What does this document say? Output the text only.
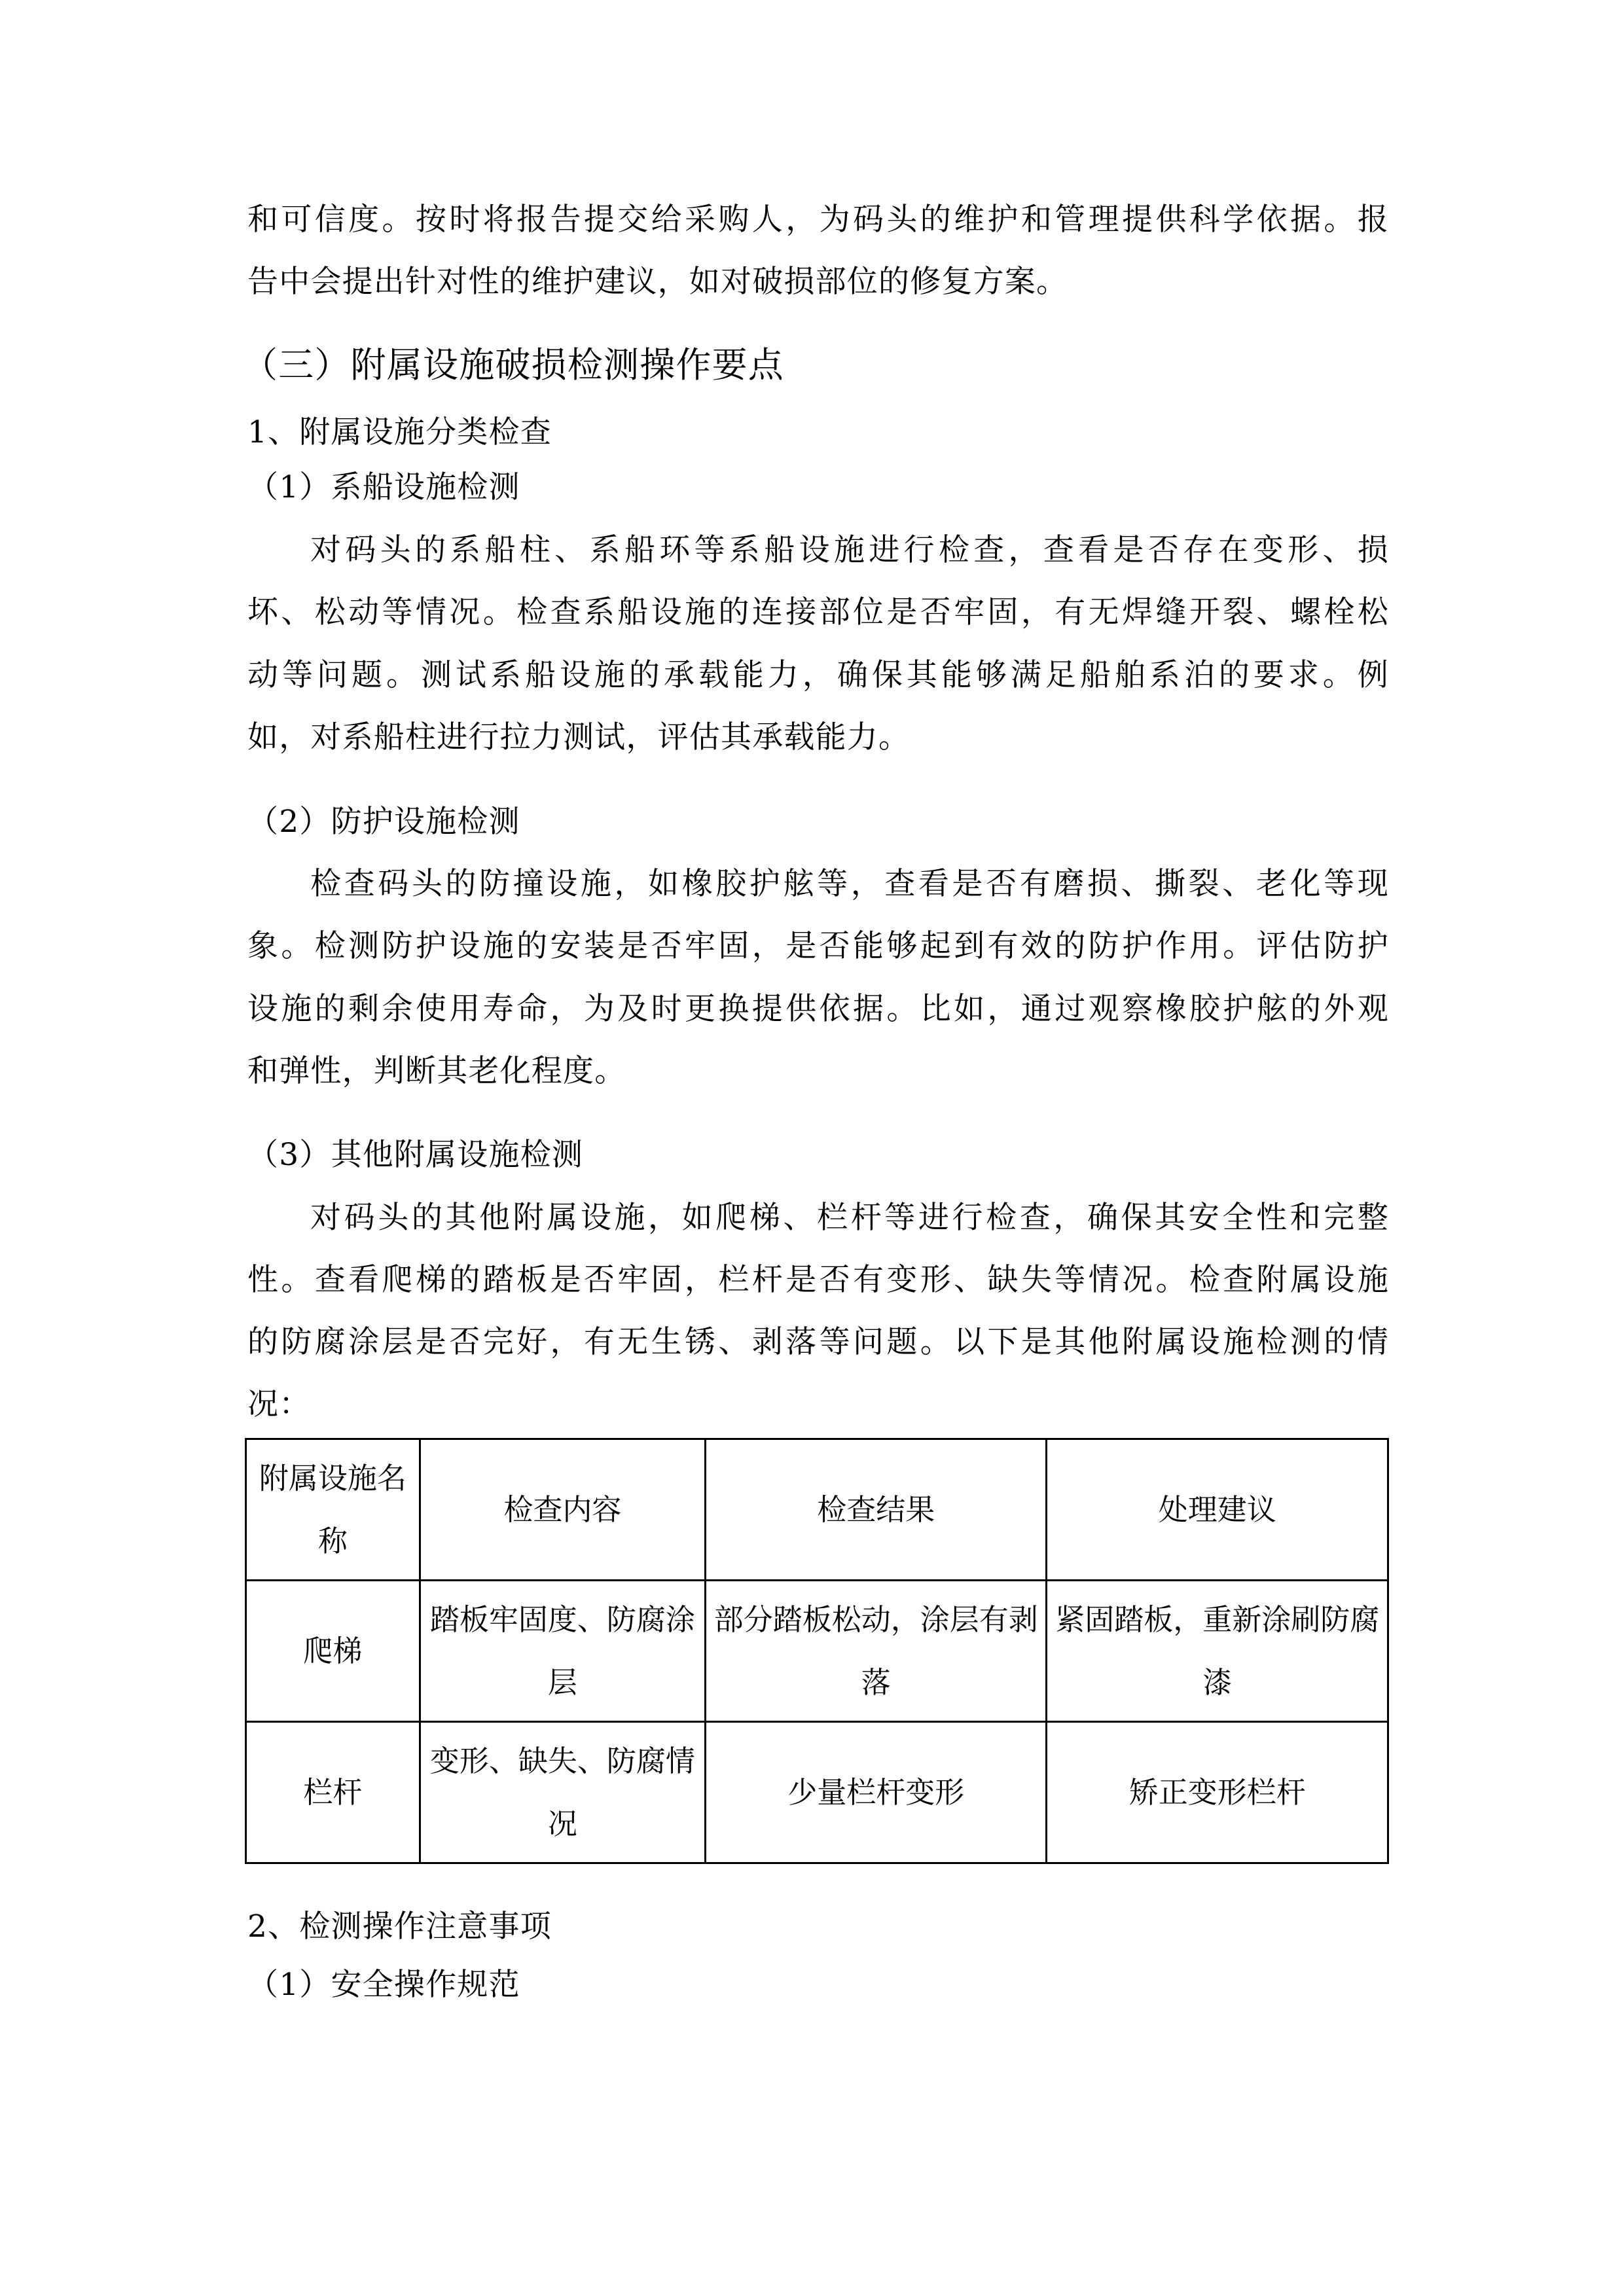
和可信度。按时将报告提交给采购人，为码头的维护和管理提供科学依据。报
告中会提出针对性的维护建议，如对破损部位的修复方案。
（三）附属设施破损检测操作要点
1、附属设施分类检查
（1）系船设施检测
对码头的系船柱、系船环等系船设施进行检查，查看是否存在变形、损
坏、松动等情况。检查系船设施的连接部位是否牢固，有无焊缝开裂、螺栓松
动等问题。测试系船设施的承载能力，确保其能够满足船舶系泊的要求。例
如，对系船柱进行拉力测试，评估其承载能力。
（2）防护设施检测
检查码头的防撞设施，如橡胶护舷等，查看是否有磨损、撕裂、老化等现
象。检测防护设施的安装是否牢固，是否能够起到有效的防护作用。评估防护
设施的剩余使用寿命，为及时更换提供依据。比如，通过观察橡胶护舷的外观
和弹性，判断其老化程度。
（3）其他附属设施检测
对码头的其他附属设施，如爬梯、栏杆等进行检查，确保其安全性和完整
性。查看爬梯的踏板是否牢固，栏杆是否有变形、缺失等情况。检查附属设施
的防腐涂层是否完好，有无生锈、剥落等问题。以下是其他附属设施检测的情
况：
附属设施名称	检查内容	检查结果	处理建议
爬梯	踏板牢固度、防腐涂层	部分踏板松动，涂层有剥落	紧固踏板，重新涂刷防腐漆
栏杆	变形、缺失、防腐情况	少量栏杆变形	矫正变形栏杆
2、检测操作注意事项
（1）安全操作规范
